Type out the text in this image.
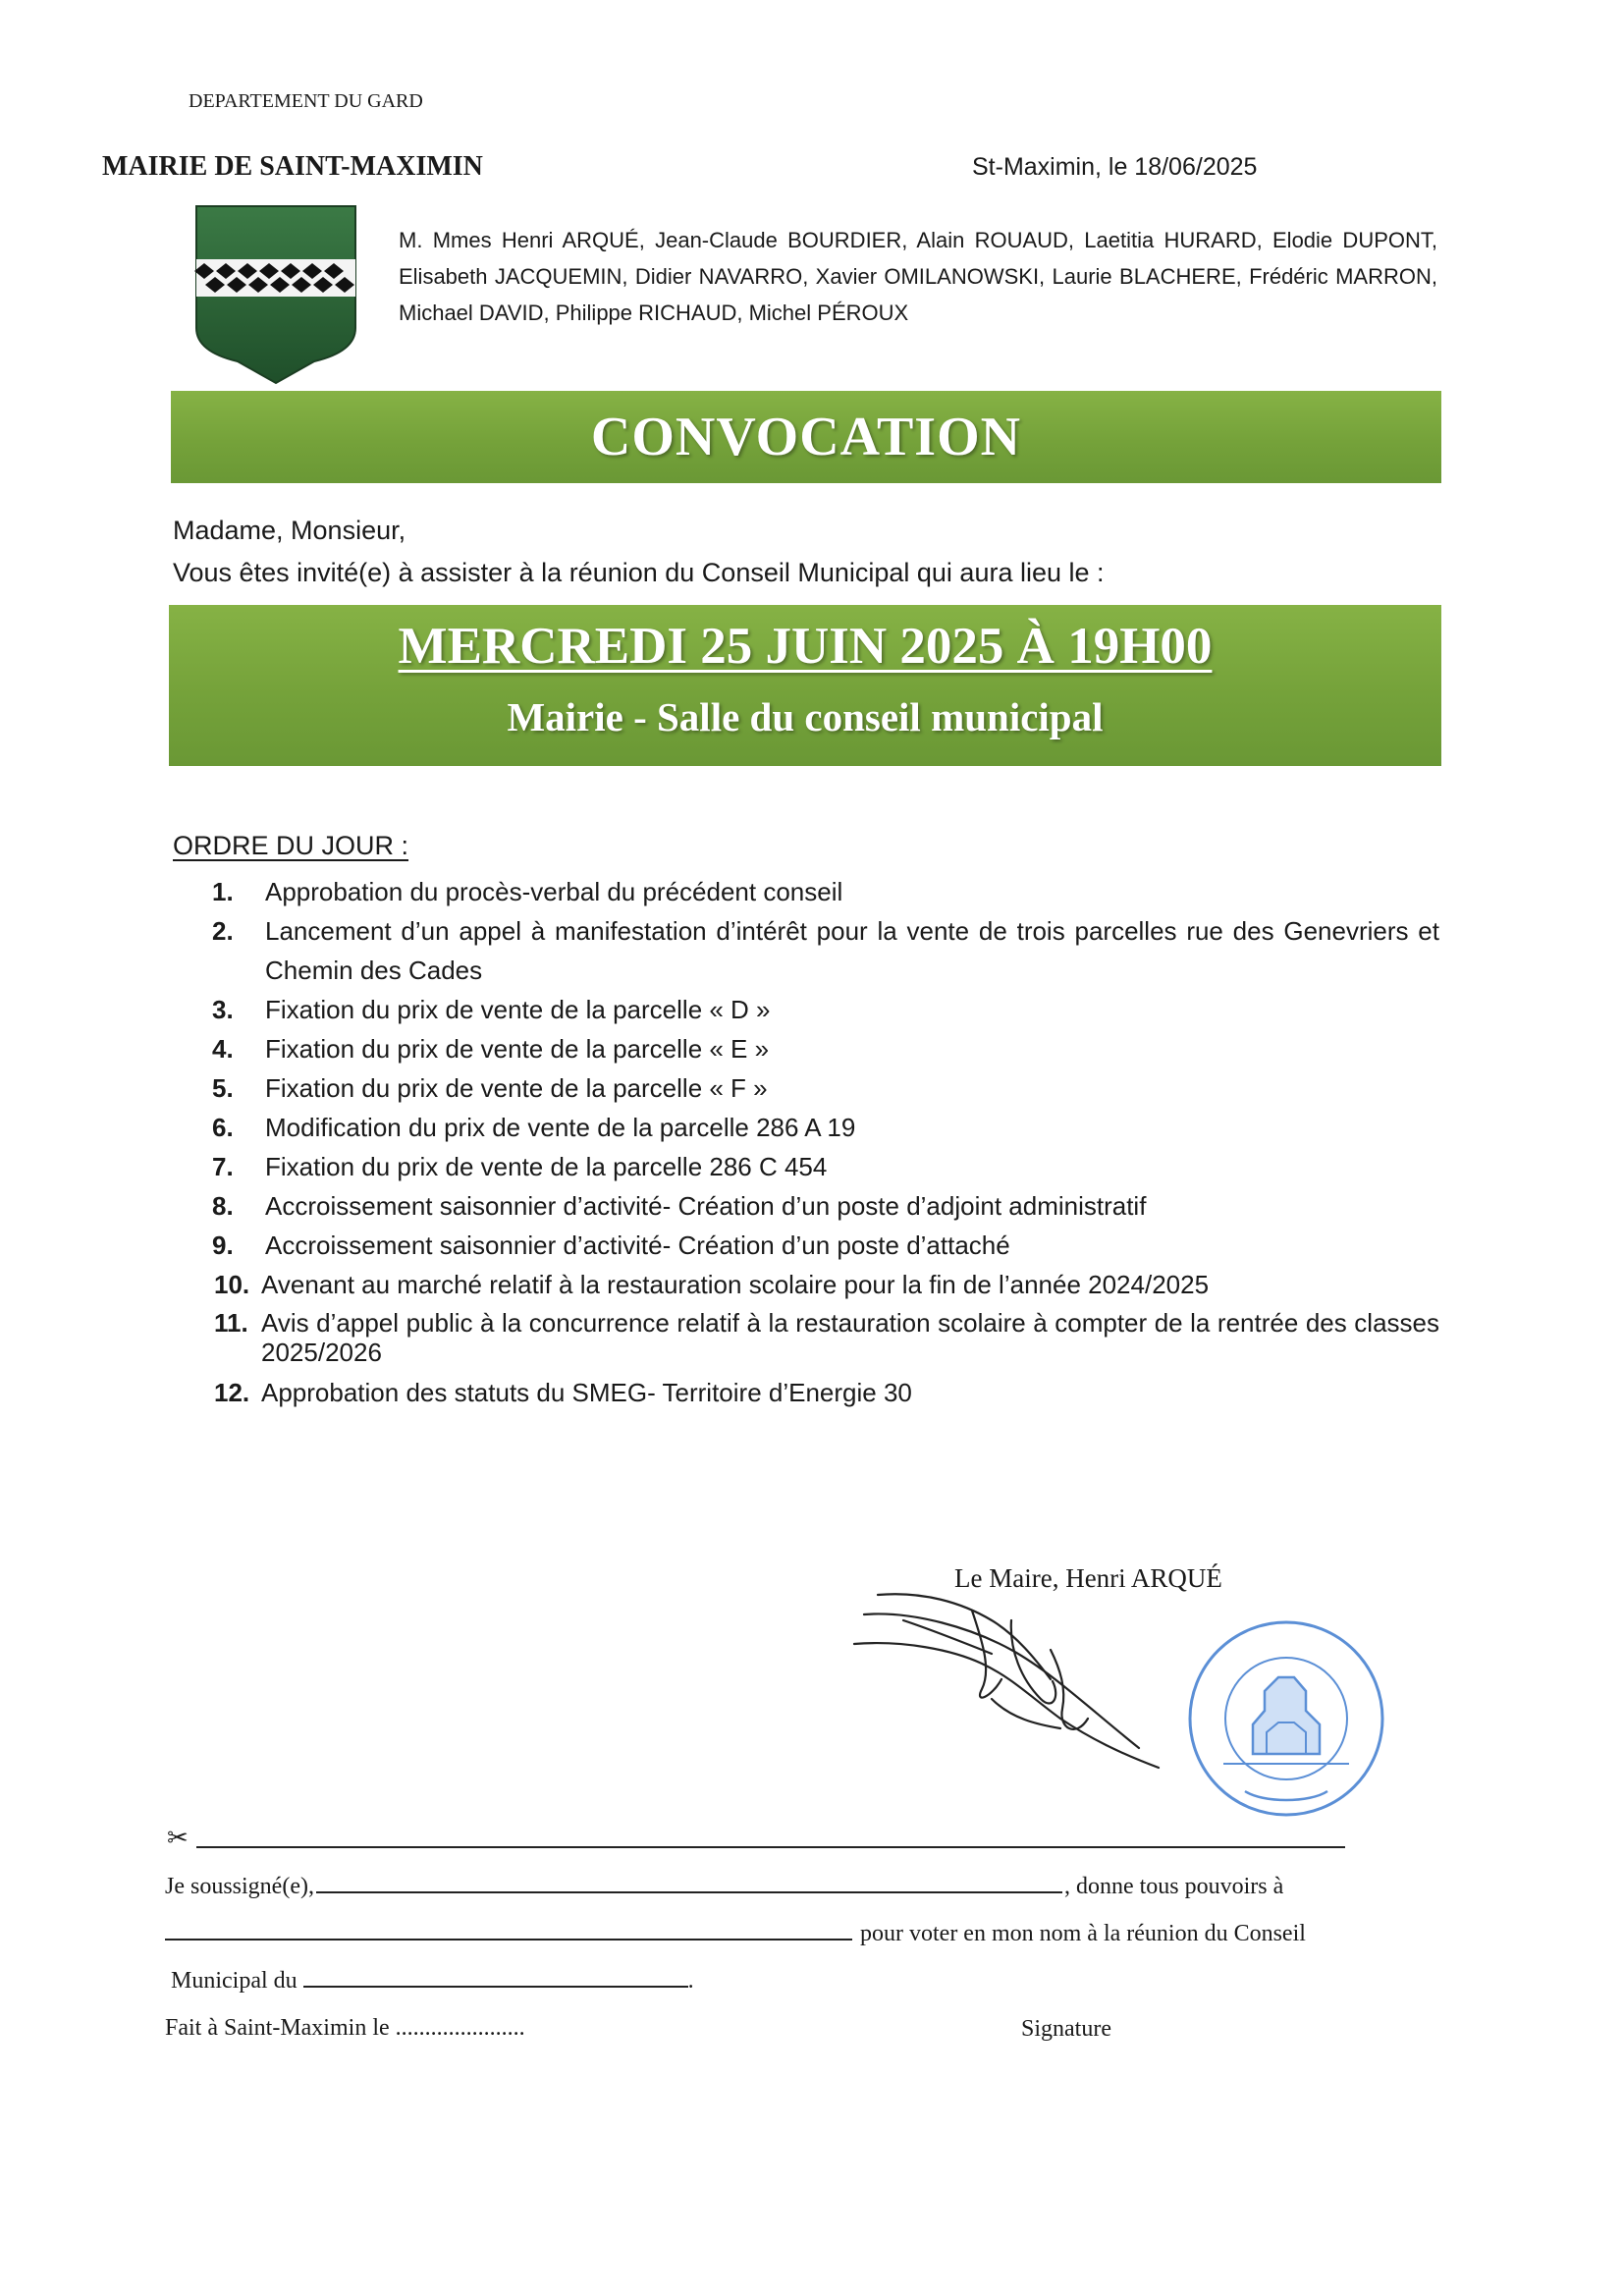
DEPARTEMENT DU GARD
MAIRIE DE SAINT-MAXIMIN	St-Maximin, le 18/06/2025
M. Mmes Henri ARQUÉ, Jean-Claude BOURDIER, Alain ROUAUD, Laetitia HURARD, Elodie DUPONT, Elisabeth JACQUEMIN, Didier NAVARRO, Xavier OMILANOWSKI, Laurie BLACHERE, Frédéric MARRON, Michael DAVID, Philippe RICHAUD, Michel PÉROUX
CONVOCATION
Madame, Monsieur,
Vous êtes invité(e) à assister à la réunion du Conseil Municipal qui aura lieu le :
MERCREDI 25 JUIN 2025 À 19H00
Mairie - Salle du conseil municipal
ORDRE DU JOUR :
1. Approbation du procès-verbal du précédent conseil
2. Lancement d’un appel à manifestation d’intérêt pour la vente de trois parcelles rue des Genevriers et Chemin des Cades
3. Fixation du prix de vente de la parcelle « D »
4. Fixation du prix de vente de la parcelle « E »
5. Fixation du prix de vente de la parcelle « F »
6. Modification du prix de vente de la parcelle 286 A 19
7. Fixation du prix de vente de la parcelle 286 C 454
8. Accroissement saisonnier d’activité- Création d’un poste d’adjoint administratif
9. Accroissement saisonnier d’activité- Création d’un poste d’attaché
10. Avenant au marché relatif à la restauration scolaire pour la fin de l’année 2024/2025
11. Avis d’appel public à la concurrence relatif à la restauration scolaire à compter de la rentrée des classes 2025/2026
12. Approbation des statuts du SMEG- Territoire d’Energie 30
Le Maire, Henri ARQUÉ
✂
Je soussigné(e),	, donne tous pouvoirs à
pour voter en mon nom à la réunion du Conseil
Municipal du	.
Fait à Saint-Maximin le ......................	Signature
